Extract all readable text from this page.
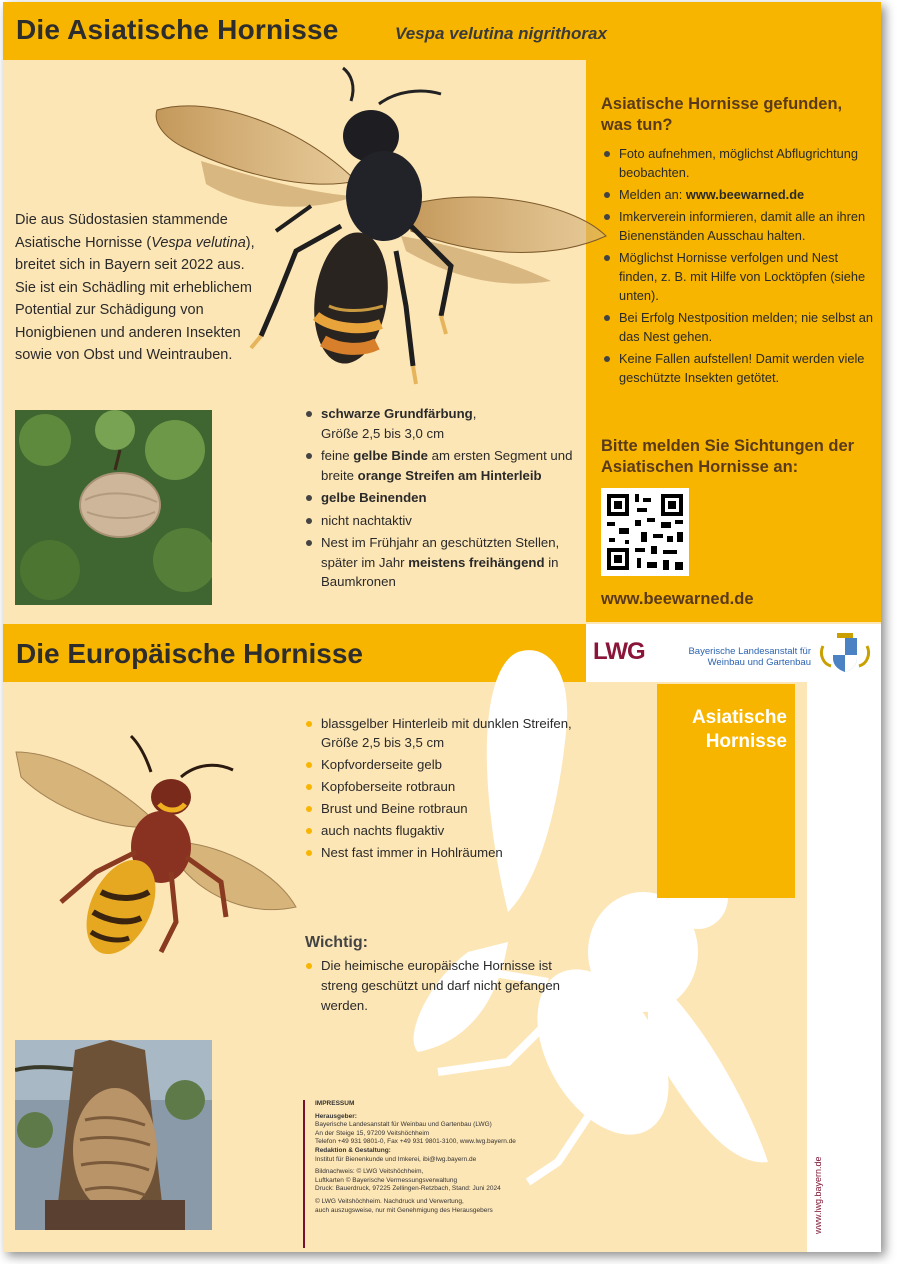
Die Asiatische Hornisse	Vespa velutina nigrithorax
Die aus Südostasien stammende
Asiatische Hornisse (Vespa velutina),
breitet sich in Bayern seit 2022 aus.
Sie ist ein Schädling mit erheblichem
Potential zur Schädigung von
Honigbienen und anderen Insekten
sowie von Obst und Weintrauben.
schwarze Grundfärbung,
Größe 2,5 bis 3,0 cm
feine gelbe Binde am ersten Segment und breite orange Streifen am Hinterleib
gelbe Beinenden
nicht nachtaktiv
Nest im Frühjahr an geschützten Stellen, später im Jahr meistens freihängend in Baumkronen
Asiatische Hornisse gefunden, was tun?
Foto aufnehmen, möglichst Abflugrichtung beobachten.
Melden an: www.beewarned.de
Imkerverein informieren, damit alle an ihren Bienenständen Ausschau halten.
Möglichst Hornisse verfolgen und Nest finden, z. B. mit Hilfe von Locktöpfen (siehe unten).
Bei Erfolg Nestposition melden; nie selbst an das Nest gehen.
Keine Fallen aufstellen! Damit werden viele geschützte Insekten getötet.
Bitte melden Sie Sichtungen der Asiatischen Hornisse an:
www.beewarned.de
Die Europäische Hornisse	LWG	Bayerische Landesanstalt für
Weinbau und Gartenbau
Asiatische
Hornisse
blassgelber Hinterleib mit dunklen Streifen, Größe 2,5 bis 3,5 cm
Kopfvorderseite gelb
Kopfoberseite rotbraun
Brust und Beine rotbraun
auch nachts flugaktiv
Nest fast immer in Hohlräumen
Wichtig:
Die heimische europäische Hornisse ist streng geschützt und darf nicht gefangen werden.
IMPRESSUM
Herausgeber:
Bayerische Landesanstalt für Weinbau und Gartenbau (LWG)
An der Steige 15, 97209 Veitshöchheim
Telefon +49 931 9801-0, Fax +49 931 9801-3100, www.lwg.bayern.de
Redaktion & Gestaltung:
Institut für Bienenkunde und Imkerei, ibi@lwg.bayern.de
Bildnachweis: © LWG Veitshöchheim,
Luftkarten © Bayerische Vermessungsverwaltung
Druck: Bauerdruck, 97225 Zellingen-Retzbach, Stand: Juni 2024
© LWG Veitshöchheim. Nachdruck und Verwertung,
auch auszugsweise, nur mit Genehmigung des Herausgebers	www.lwg.bayern.de
